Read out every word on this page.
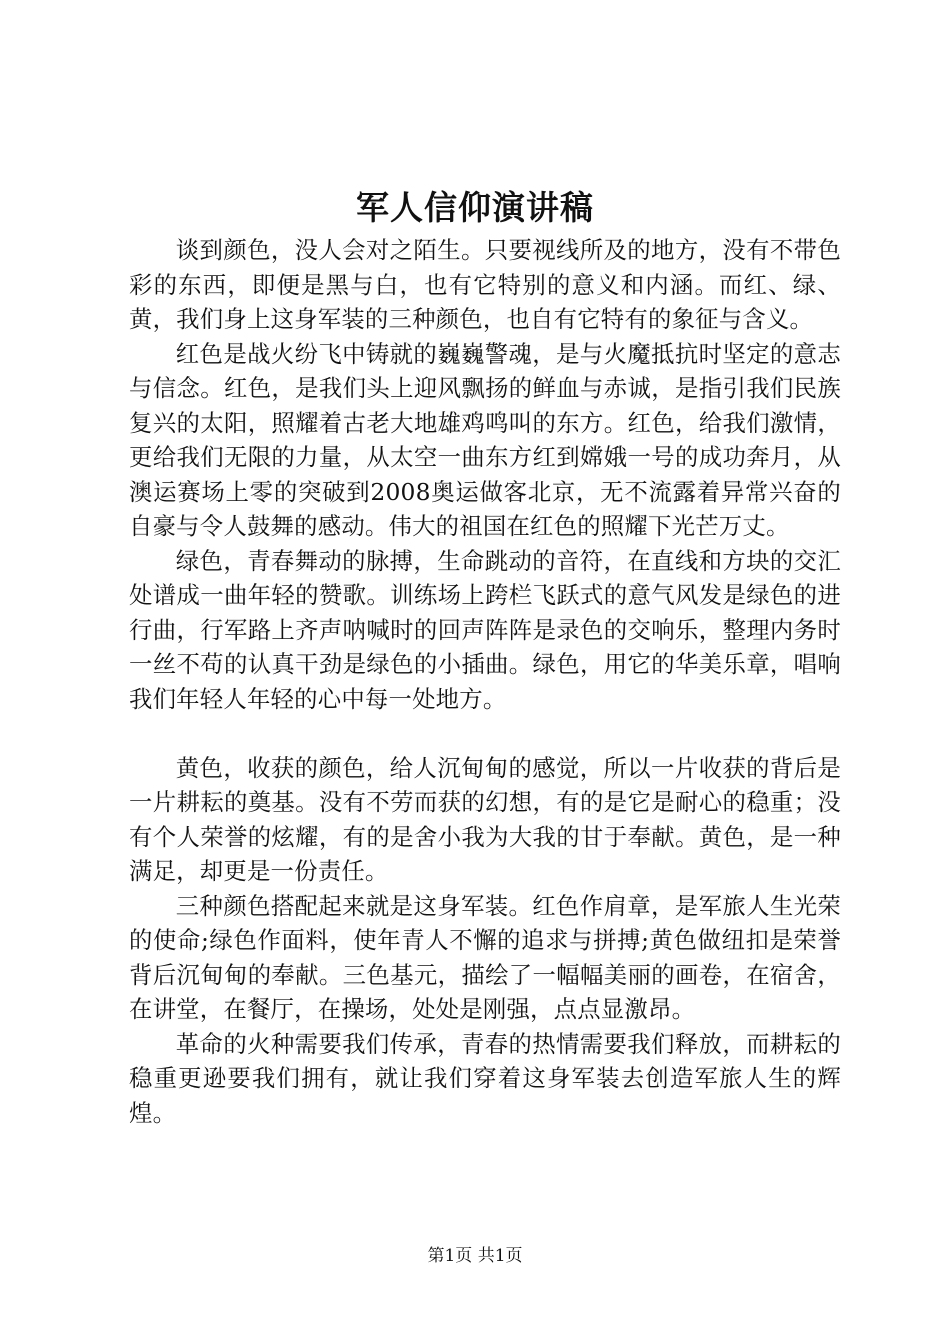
军人信仰演讲稿

谈到颜色，没人会对之陌生。只要视线所及的地方，没有不带色彩的东西，即便是黑与白，也有它特别的意义和内涵。而红、绿、黄，我们身上这身军装的三种颜色，也自有它特有的象征与含义。

红色是战火纷飞中铸就的巍巍警魂，是与火魔抵抗时坚定的意志与信念。红色，是我们头上迎风飘扬的鲜血与赤诚，是指引我们民族复兴的太阳，照耀着古老大地雄鸡鸣叫的东方。红色，给我们激情，更给我们无限的力量，从太空一曲东方红到嫦娥一号的成功奔月，从澳运赛场上零的突破到2008奥运做客北京，无不流露着异常兴奋的自豪与令人鼓舞的感动。伟大的祖国在红色的照耀下光芒万丈。

绿色，青春舞动的脉搏，生命跳动的音符，在直线和方块的交汇处谱成一曲年轻的赞歌。训练场上跨栏飞跃式的意气风发是绿色的进行曲，行军路上齐声呐喊时的回声阵阵是录色的交响乐，整理内务时一丝不苟的认真干劲是绿色的小插曲。绿色，用它的华美乐章，唱响我们年轻人年轻的心中每一处地方。

黄色，收获的颜色，给人沉甸甸的感觉，所以一片收获的背后是一片耕耘的奠基。没有不劳而获的幻想，有的是它是耐心的稳重；没有个人荣誉的炫耀，有的是舍小我为大我的甘于奉献。黄色，是一种满足，却更是一份责任。

三种颜色搭配起来就是这身军装。红色作肩章，是军旅人生光荣的使命;绿色作面料，使年青人不懈的追求与拼搏;黄色做纽扣是荣誉背后沉甸甸的奉献。三色基元，描绘了一幅幅美丽的画卷，在宿舍，在讲堂，在餐厅，在操场，处处是刚强，点点显激昂。

革命的火种需要我们传承，青春的热情需要我们释放，而耕耘的稳重更逊要我们拥有，就让我们穿着这身军装去创造军旅人生的辉煌。

第1页 共1页
